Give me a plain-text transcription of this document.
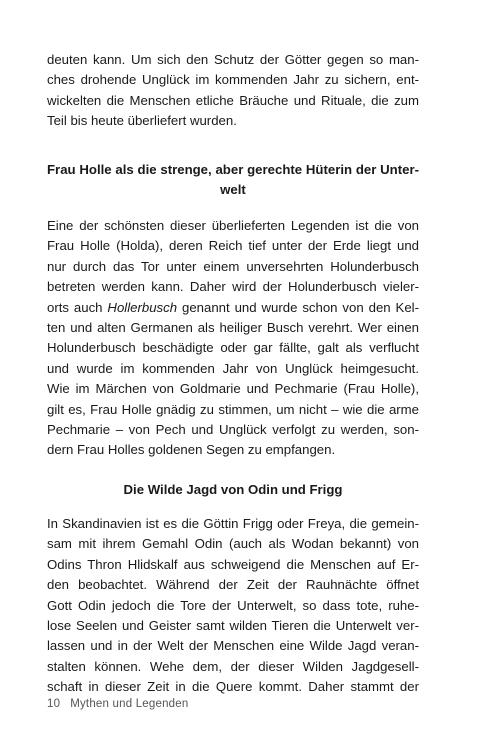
deuten kann. Um sich den Schutz der Götter gegen so man-
ches drohende Unglück im kommenden Jahr zu sichern, ent-
wickelten die Menschen etliche Bräuche und Rituale, die zum
Teil bis heute überliefert wurden.
Frau Holle als die strenge, aber gerechte Hüterin der Unter-
welt
Eine der schönsten dieser überlieferten Legenden ist die von
Frau Holle (Holda), deren Reich tief unter der Erde liegt und
nur durch das Tor unter einem unversehrten Holunderbusch
betreten werden kann. Daher wird der Holunderbusch vieler-
orts auch Hollerbusch genannt und wurde schon von den Kel-
ten und alten Germanen als heiliger Busch verehrt. Wer einen
Holunderbusch beschädigte oder gar fällte, galt als verflucht
und wurde im kommenden Jahr von Unglück heimgesucht.
Wie im Märchen von Goldmarie und Pechmarie (Frau Holle),
gilt es, Frau Holle gnädig zu stimmen, um nicht – wie die arme
Pechmarie – von Pech und Unglück verfolgt zu werden, son-
dern Frau Holles goldenen Segen zu empfangen.
Die Wilde Jagd von Odin und Frigg
In Skandinavien ist es die Göttin Frigg oder Freya, die gemein-
sam mit ihrem Gemahl Odin (auch als Wodan bekannt) von
Odins Thron Hlidskalf aus schweigend die Menschen auf Er-
den beobachtet. Während der Zeit der Rauhnächte öffnet
Gott Odin jedoch die Tore der Unterwelt, so dass tote, ruhe-
lose Seelen und Geister samt wilden Tieren die Unterwelt ver-
lassen und in der Welt der Menschen eine Wilde Jagd veran-
stalten können. Wehe dem, der dieser Wilden Jagdgesell-
schaft in dieser Zeit in die Quere kommt. Daher stammt der
10 Mythen und Legenden
